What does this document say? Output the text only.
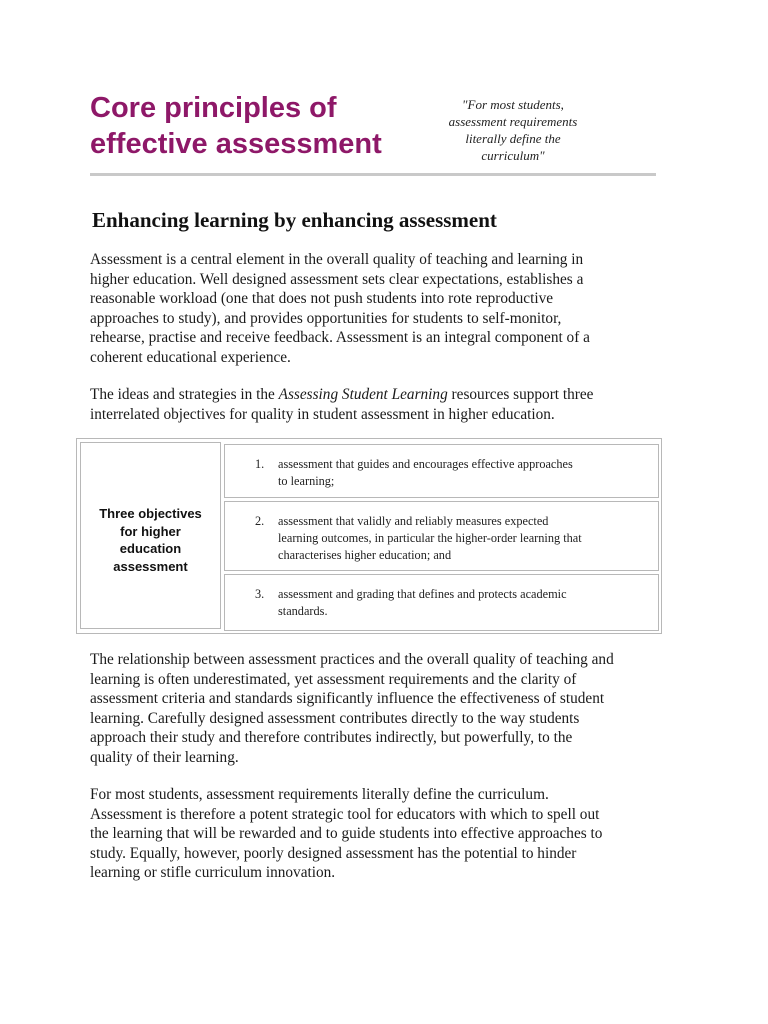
Core principles of
effective assessment
"For most students,
assessment requirements
literally define the
curriculum"
Enhancing learning by enhancing assessment
Assessment is a central element in the overall quality of teaching and learning in
higher education. Well designed assessment sets clear expectations, establishes a
reasonable workload (one that does not push students into rote reproductive
approaches to study), and provides opportunities for students to self-monitor,
rehearse, practise and receive feedback. Assessment is an integral component of a
coherent educational experience.
The ideas and strategies in the Assessing Student Learning resources support three
interrelated objectives for quality in student assessment in higher education.
Three objectives
for higher
education
assessment
1. assessment that guides and encourages effective approaches
to learning;
2. assessment that validly and reliably measures expected
learning outcomes, in particular the higher-order learning that
characterises higher education; and
3. assessment and grading that defines and protects academic
standards.
The relationship between assessment practices and the overall quality of teaching and
learning is often underestimated, yet assessment requirements and the clarity of
assessment criteria and standards significantly influence the effectiveness of student
learning. Carefully designed assessment contributes directly to the way students
approach their study and therefore contributes indirectly, but powerfully, to the
quality of their learning.
For most students, assessment requirements literally define the curriculum.
Assessment is therefore a potent strategic tool for educators with which to spell out
the learning that will be rewarded and to guide students into effective approaches to
study. Equally, however, poorly designed assessment has the potential to hinder
learning or stifle curriculum innovation.
